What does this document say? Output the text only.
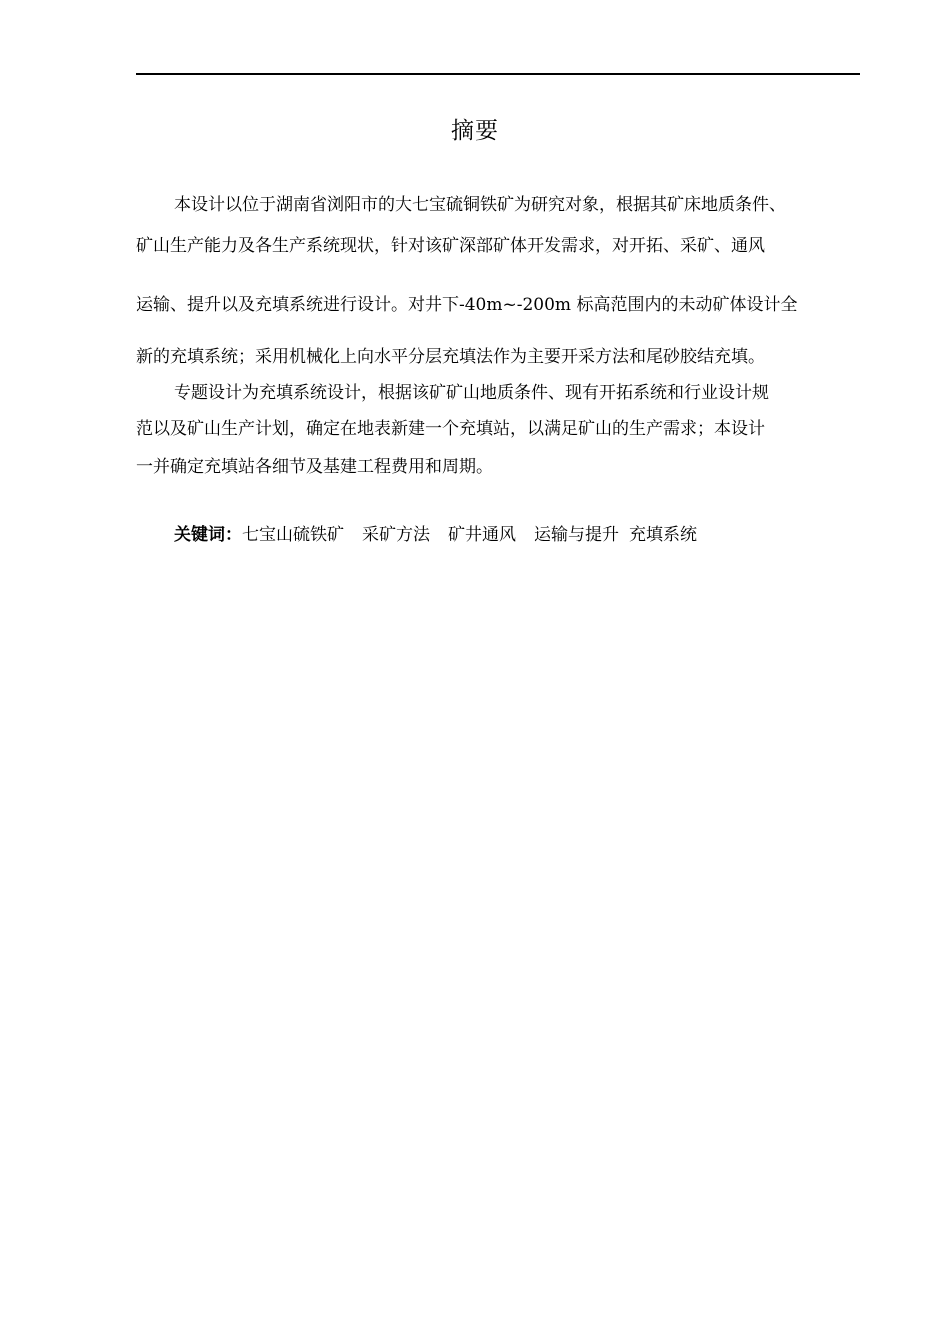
摘要
本设计以位于湖南省浏阳市的大七宝硫铜铁矿为研究对象，根据其矿床地质条件、
矿山生产能力及各生产系统现状，针对该矿深部矿体开发需求，对开拓、采矿、通风
运输、提升以及充填系统进行设计。对井下-40m~-200m 标高范围内的未动矿体设计全
新的充填系统；采用机械化上向水平分层充填法作为主要开采方法和尾砂胶结充填。
专题设计为充填系统设计，根据该矿矿山地质条件、现有开拓系统和行业设计规
范以及矿山生产计划，确定在地表新建一个充填站，以满足矿山的生产需求；本设计
一并确定充填站各细节及基建工程费用和周期。
关键词：七宝山硫铁矿 采矿方法 矿井通风 运输与提升 充填系统
